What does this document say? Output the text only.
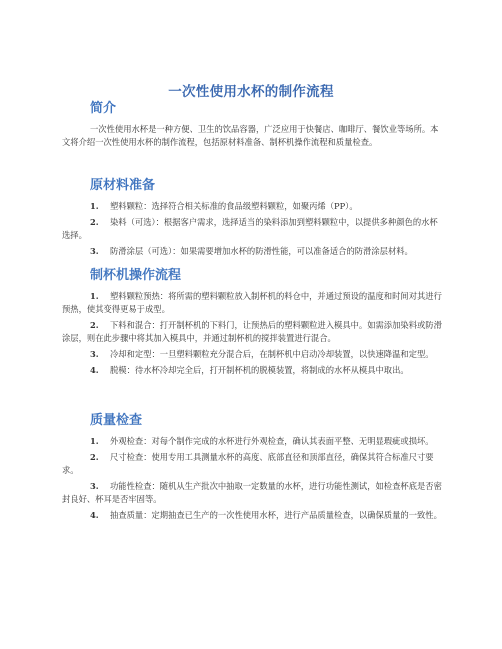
一次性使用水杯的制作流程
简介
一次性使用水杯是一种方便、卫生的饮品容器，广泛应用于快餐店、咖啡厅、餐饮业等场所。本文将介绍一次性使用水杯的制作流程，包括原材料准备、制杯机操作流程和质量检查。
原材料准备
1. 塑料颗粒：选择符合相关标准的食品级塑料颗粒，如聚丙烯（PP）。
2. 染料（可选）：根据客户需求，选择适当的染料添加到塑料颗粒中，以提供多种颜色的水杯选择。
3. 防滑涂层（可选）：如果需要增加水杯的防滑性能，可以准备适合的防滑涂层材料。
制杯机操作流程
1. 塑料颗粒预热：将所需的塑料颗粒放入制杯机的料仓中，并通过预设的温度和时间对其进行预热，使其变得更易于成型。
2. 下料和混合：打开制杯机的下料门，让预热后的塑料颗粒进入模具中。如需添加染料或防滑涂层，则在此步骤中将其加入模具中，并通过制杯机的搅拌装置进行混合。
3. 冷却和定型：一旦塑料颗粒充分混合后，在制杯机中启动冷却装置，以快速降温和定型。
4. 脱模：待水杯冷却完全后，打开制杯机的脱模装置，将制成的水杯从模具中取出。
质量检查
1. 外观检查：对每个制作完成的水杯进行外观检查，确认其表面平整、无明显瑕疵或损坏。
2. 尺寸检查：使用专用工具测量水杯的高度、底部直径和顶部直径，确保其符合标准尺寸要求。
3. 功能性检查：随机从生产批次中抽取一定数量的水杯，进行功能性测试，如检查杯底是否密封良好、杯耳是否牢固等。
4. 抽查质量：定期抽查已生产的一次性使用水杯，进行产品质量检查，以确保质量的一致性。
